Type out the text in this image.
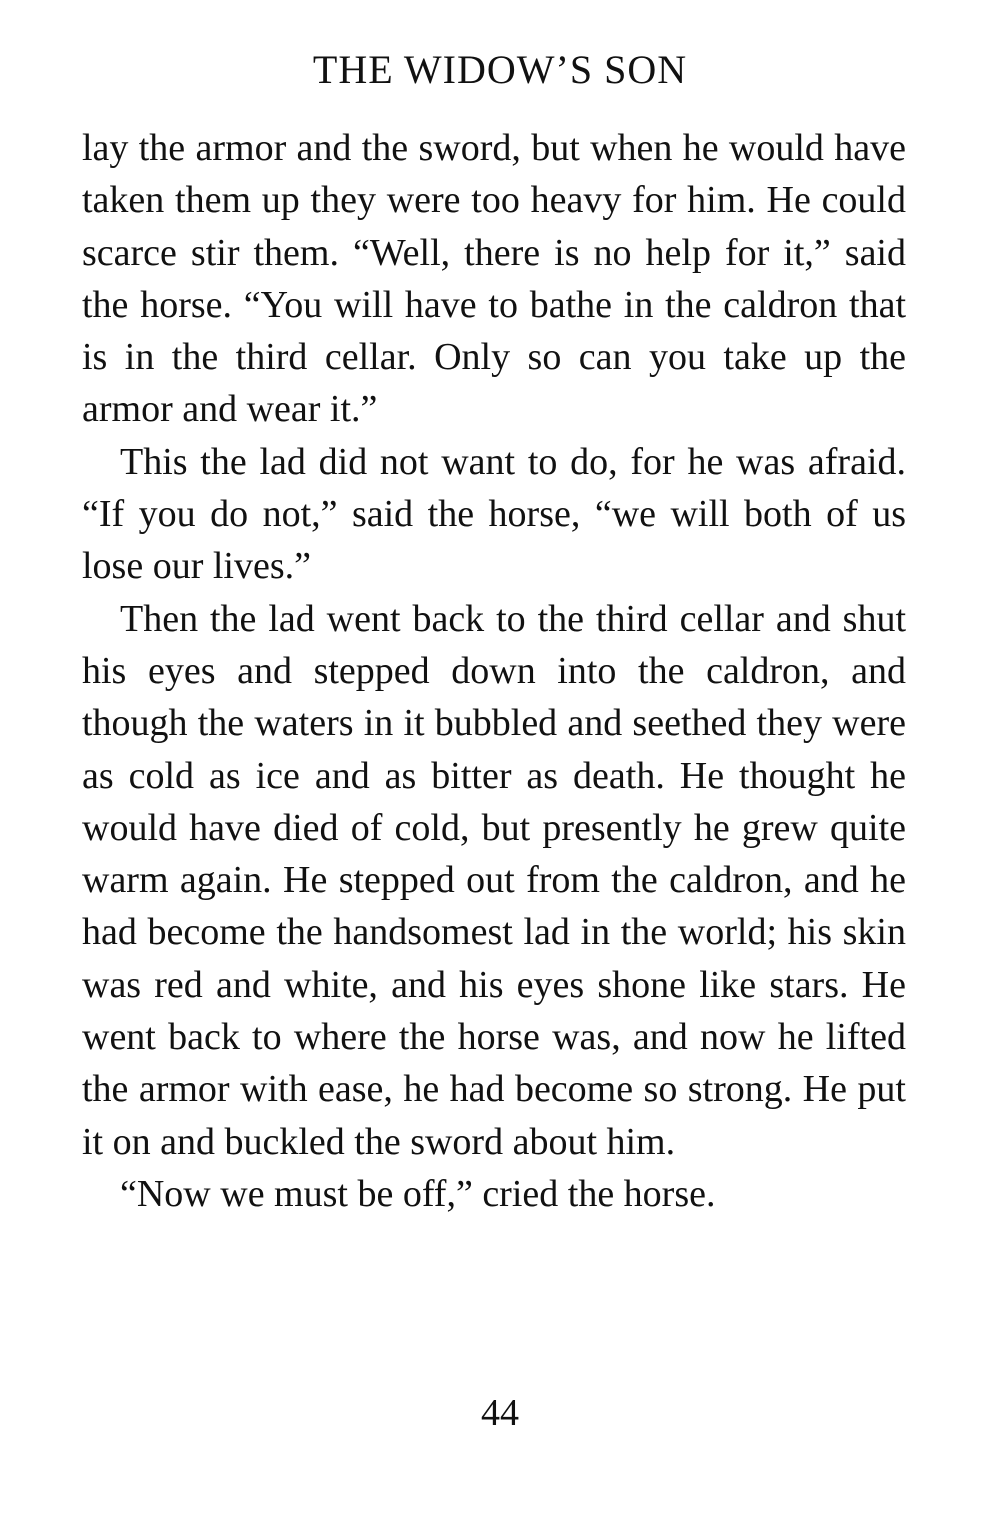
THE WIDOW’S SON

lay the armor and the sword, but when he would have taken them up they were too heavy for him. He could scarce stir them. “Well, there is no help for it,” said the horse. “You will have to bathe in the caldron that is in the third cellar. Only so can you take up the armor and wear it.”

This the lad did not want to do, for he was afraid. “If you do not,” said the horse, “we will both of us lose our lives.”

Then the lad went back to the third cellar and shut his eyes and stepped down into the caldron, and though the waters in it bubbled and seethed they were as cold as ice and as bitter as death. He thought he would have died of cold, but presently he grew quite warm again. He stepped out from the caldron, and he had become the handsomest lad in the world; his skin was red and white, and his eyes shone like stars. He went back to where the horse was, and now he lifted the armor with ease, he had become so strong. He put it on and buckled the sword about him.

“Now we must be off,” cried the horse.

44
